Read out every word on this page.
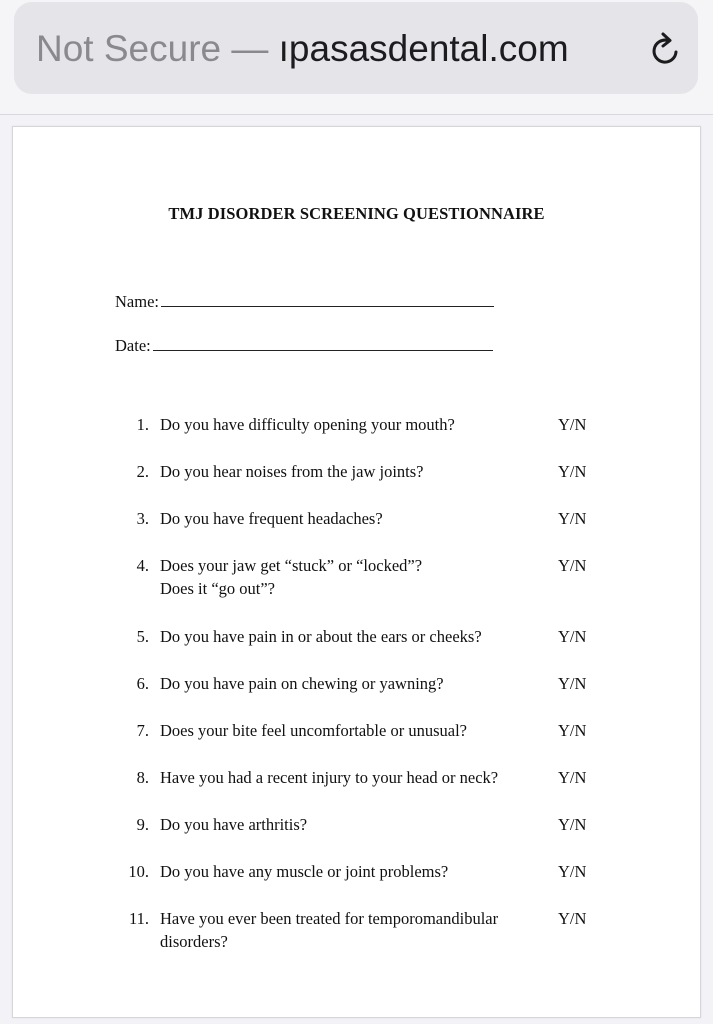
Not Secure — ıpasasdental.com
TMJ DISORDER SCREENING QUESTIONNAIRE
Name:
Date:
1. Do you have difficulty opening your mouth?	Y/N
2. Do you hear noises from the jaw joints?	Y/N
3. Do you have frequent headaches?	Y/N
4. Does your jaw get “stuck” or “locked”?
Does it “go out”?
Y/N
5. Do you have pain in or about the ears or cheeks?	Y/N
6. Do you have pain on chewing or yawning?	Y/N
7. Does your bite feel uncomfortable or unusual?	Y/N
8. Have you had a recent injury to your head or neck?	Y/N
9. Do you have arthritis?	Y/N
10. Do you have any muscle or joint problems?	Y/N
11. Have you ever been treated for temporomandibular
disorders?
Y/N
